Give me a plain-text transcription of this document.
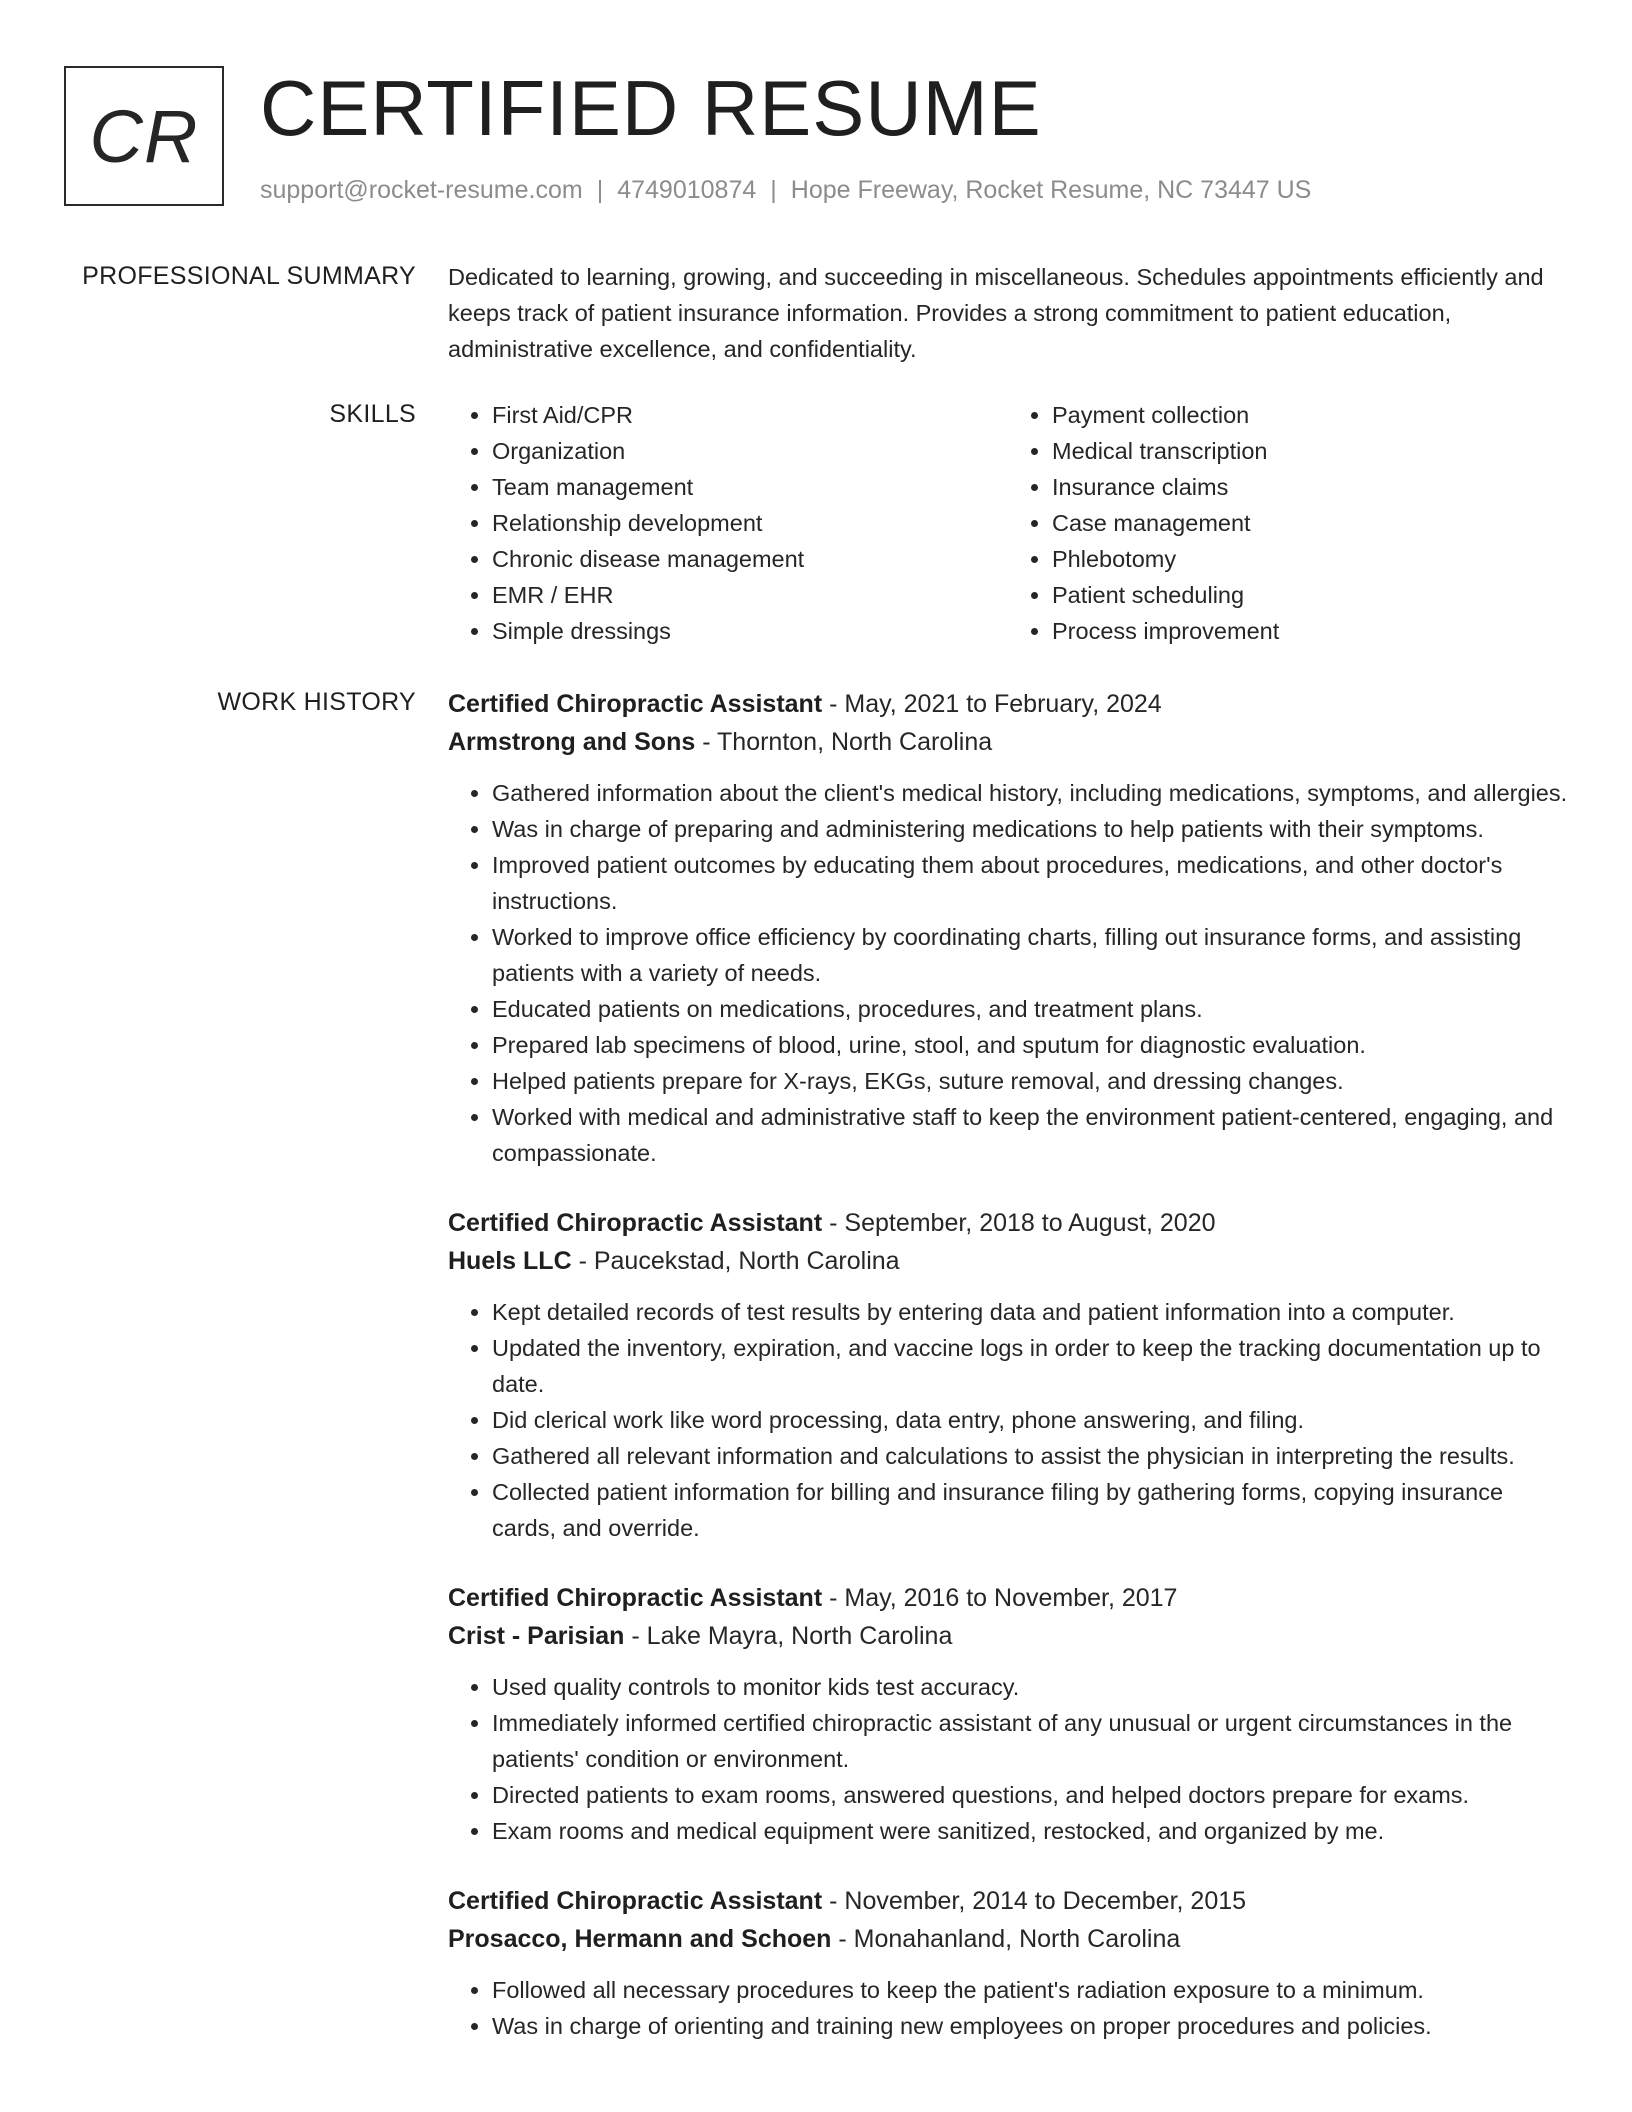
CR CERTIFIED RESUME
support@rocket-resume.com | 4749010874 | Hope Freeway, Rocket Resume, NC 73447 US
PROFESSIONAL SUMMARY Dedicated to learning, growing, and succeeding in miscellaneous. Schedules appointments efficiently and keeps track of patient insurance information. Provides a strong commitment to patient education, administrative excellence, and confidentiality.

SKILLS
•	First Aid/CPR
• Organization
• Team management
• Relationship development
• Chronic disease management
• EMR / EHR
• Simple dressings
• Payment collection
• Medical transcription
• Insurance claims
• Case management
• Phlebotomy
• Patient scheduling
• Process improvement
WORK HISTORY Certified Chiropractic Assistant - May, 2021 to February, 2024
Armstrong and Sons - Thornton, North Carolina
• Gathered information about the client's medical history, including medications, symptoms, and allergies.
• Was in charge of preparing and administering medications to help patients with their symptoms.
• Improved patient outcomes by educating them about procedures, medications, and other doctor's instructions.
• Worked to improve office efficiency by coordinating charts, filling out insurance forms, and assisting patients with a variety of needs.
• Educated patients on medications, procedures, and treatment plans.
• Prepared lab specimens of blood, urine, stool, and sputum for diagnostic evaluation.
• Helped patients prepare for X-rays, EKGs, suture removal, and dressing changes.
• Worked with medical and administrative staff to keep the environment patient-centered, engaging, and compassionate.
Certified Chiropractic Assistant - September, 2018 to August, 2020
Huels LLC - Paucekstad, North Carolina
• Kept detailed records of test results by entering data and patient information into a computer.
• Updated the inventory, expiration, and vaccine logs in order to keep the tracking documentation up to date.
• Did clerical work like word processing, data entry, phone answering, and filing.
• Gathered all relevant information and calculations to assist the physician in interpreting the results.
• Collected patient information for billing and insurance filing by gathering forms, copying insurance cards, and override.
Certified Chiropractic Assistant - May, 2016 to November, 2017
Crist - Parisian - Lake Mayra, North Carolina
• Used quality controls to monitor kids test accuracy.
• Immediately informed certified chiropractic assistant of any unusual or urgent circumstances in the patients' condition or environment.
• Directed patients to exam rooms, answered questions, and helped doctors prepare for exams.
• Exam rooms and medical equipment were sanitized, restocked, and organized by me.
Certified Chiropractic Assistant - November, 2014 to December, 2015
Prosacco, Hermann and Schoen - Monahanland, North Carolina
• Followed all necessary procedures to keep the patient's radiation exposure to a minimum.
• Was in charge of orienting and training new employees on proper procedures and policies.
